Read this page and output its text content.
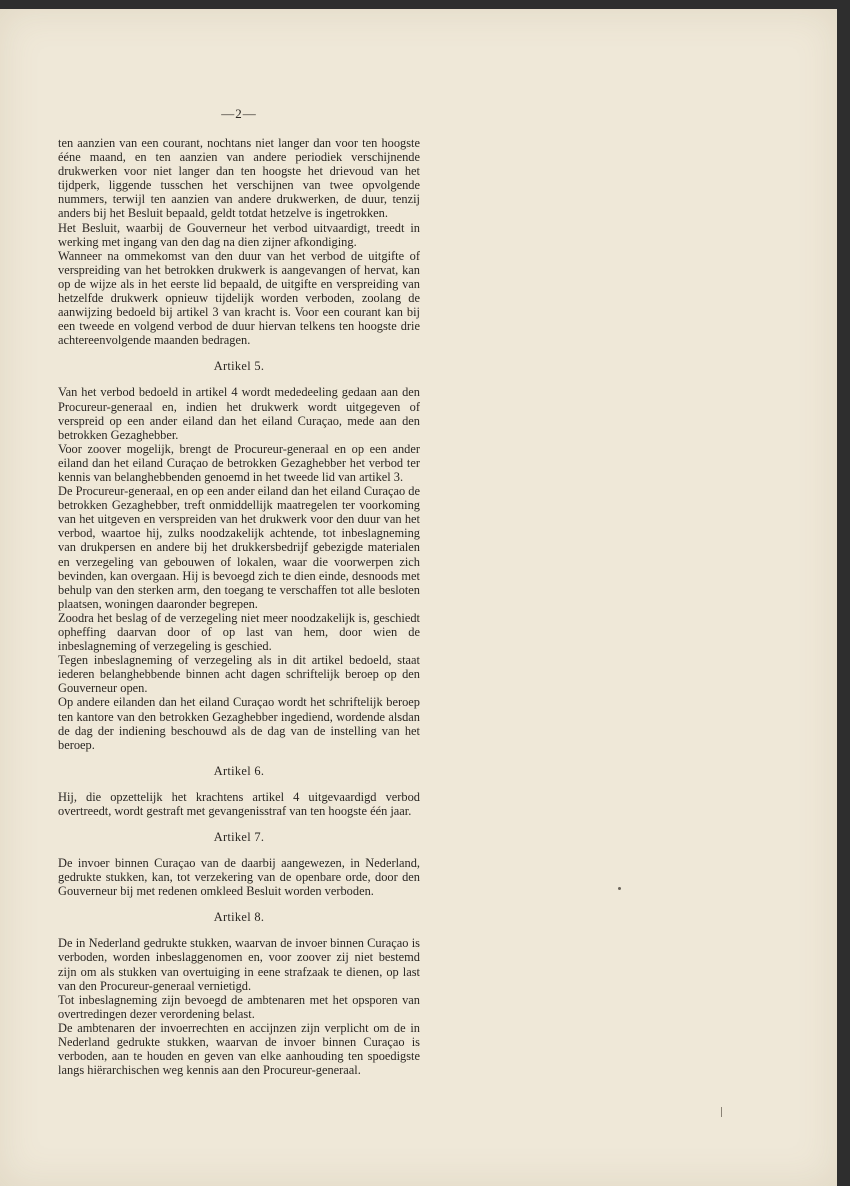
—2—

ten aanzien van een courant, nochtans niet langer dan voor ten hoogste ééne maand, en ten aanzien van andere periodiek verschijnende drukwerken voor niet langer dan ten hoogste het drievoud van het tijdperk, liggende tusschen het verschijnen van twee opvolgende nummers, terwijl ten aanzien van andere drukwerken, de duur, tenzij anders bij het Besluit bepaald, geldt totdat hetzelve is ingetrokken.

Het Besluit, waarbij de Gouverneur het verbod uitvaardigt, treedt in werking met ingang van den dag na dien zijner afkondiging.

Wanneer na ommekomst van den duur van het verbod de uitgifte of verspreiding van het betrokken drukwerk is aangevangen of hervat, kan op de wijze als in het eerste lid bepaald, de uitgifte en verspreiding van hetzelfde drukwerk opnieuw tijdelijk worden verboden, zoolang de aanwijzing bedoeld bij artikel 3 van kracht is. Voor een courant kan bij een tweede en volgend verbod de duur hiervan telkens ten hoogste drie achtereenvolgende maanden bedragen.

Artikel 5.

Van het verbod bedoeld in artikel 4 wordt mededeeling gedaan aan den Procureur-generaal en, indien het drukwerk wordt uitgegeven of verspreid op een ander eiland dan het eiland Curaçao, mede aan den betrokken Gezaghebber.

Voor zoover mogelijk, brengt de Procureur-generaal en op een ander eiland dan het eiland Curaçao de betrokken Gezaghebber het verbod ter kennis van belanghebbenden genoemd in het tweede lid van artikel 3.

De Procureur-generaal, en op een ander eiland dan het eiland Curaçao de betrokken Gezaghebber, treft onmiddellijk maatregelen ter voorkoming van het uitgeven en verspreiden van het drukwerk voor den duur van het verbod, waartoe hij, zulks noodzakelijk achtende, tot inbeslagneming van drukpersen en andere bij het drukkersbedrijf gebezigde materialen en verzegeling van gebouwen of lokalen, waar die voorwerpen zich bevinden, kan overgaan. Hij is bevoegd zich te dien einde, desnoods met behulp van den sterken arm, den toegang te verschaffen tot alle besloten plaatsen, woningen daaronder begrepen.

Zoodra het beslag of de verzegeling niet meer noodzakelijk is, geschiedt opheffing daarvan door of op last van hem, door wien de inbeslagneming of verzegeling is geschied.

Tegen inbeslagneming of verzegeling als in dit artikel bedoeld, staat iederen belanghebbende binnen acht dagen schriftelijk beroep op den Gouverneur open.

Op andere eilanden dan het eiland Curaçao wordt het schriftelijk beroep ten kantore van den betrokken Gezaghebber ingediend, wordende alsdan de dag der indiening beschouwd als de dag van de instelling van het beroep.

Artikel 6.

Hij, die opzettelijk het krachtens artikel 4 uitgevaardigd verbod overtreedt, wordt gestraft met gevangenisstraf van ten hoogste één jaar.

Artikel 7.

De invoer binnen Curaçao van de daarbij aangewezen, in Nederland, gedrukte stukken, kan, tot verzekering van de openbare orde, door den Gouverneur bij met redenen omkleed Besluit worden verboden.

Artikel 8.

De in Nederland gedrukte stukken, waarvan de invoer binnen Curaçao is verboden, worden inbeslaggenomen en, voor zoover zij niet bestemd zijn om als stukken van overtuiging in eene strafzaak te dienen, op last van den Procureur-generaal vernietigd.

Tot inbeslagneming zijn bevoegd de ambtenaren met het opsporen van overtredingen dezer verordening belast.

De ambtenaren der invoerrechten en accijnzen zijn verplicht om de in Nederland gedrukte stukken, waarvan de invoer binnen Curaçao is verboden, aan te houden en geven van elke aanhouding ten spoedigste langs hiërarchischen weg kennis aan den Procureur-generaal.
